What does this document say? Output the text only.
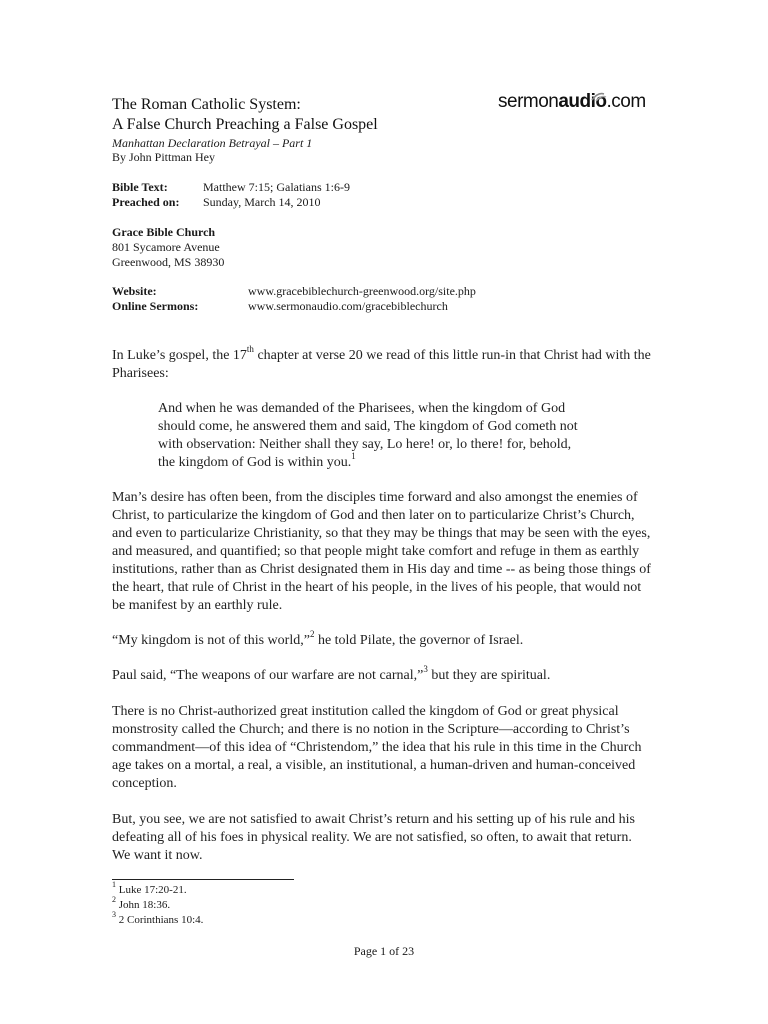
The Roman Catholic System:
A False Church Preaching a False Gospel
Manhattan Declaration Betrayal – Part 1
By John Pittman Hey
sermonaudio.com
Bible Text:	Matthew 7:15; Galatians 1:6-9
Preached on: Sunday, March 14, 2010
Grace Bible Church
801 Sycamore Avenue
Greenwood, MS 38930
Website:	www.gracebiblechurch-greenwood.org/site.php
Online Sermons:	www.sermonaudio.com/gracebiblechurch
In Luke’s gospel, the 17th chapter at verse 20 we read of this little run-in that Christ had with the Pharisees:
And when he was demanded of the Pharisees, when the kingdom of God
should come, he answered them and said, The kingdom of God cometh not
with observation: Neither shall they say, Lo here! or, lo there! for, behold,
the kingdom of God is within you.$^1$
Man’s desire has often been, from the disciples time forward and also amongst the enemies of Christ, to particularize the kingdom of God and then later on to particularize Christ’s Church, and even to particularize Christianity, so that they may be things that may be seen with the eyes, and measured, and quantified; so that people might take comfort and refuge in them as earthly institutions, rather than as Christ designated them in His day and time -- as being those things of the heart, that rule of Christ in the heart of his people, in the lives of his people, that would not be manifest by an earthly rule.
“My kingdom is not of this world,”$^2$ he told Pilate, the governor of Israel.
Paul said, “The weapons of our warfare are not carnal,”$^3$ but they are spiritual.
There is no Christ-authorized great institution called the kingdom of God or great physical monstrosity called the Church; and there is no notion in the Scripture—according to Christ’s commandment—of this idea of “Christendom,” the idea that his rule in this time in the Church age takes on a mortal, a real, a visible, an institutional, a human-driven and human-conceived conception.
But, you see, we are not satisfied to await Christ’s return and his setting up of his rule and his defeating all of his foes in physical reality. We are not satisfied, so often, to await that return. We want it now.
$^1$ Luke 17:20-21.
$^2$ John 18:36.
$^3$ 2 Corinthians 10:4.
Page 1 of 23
